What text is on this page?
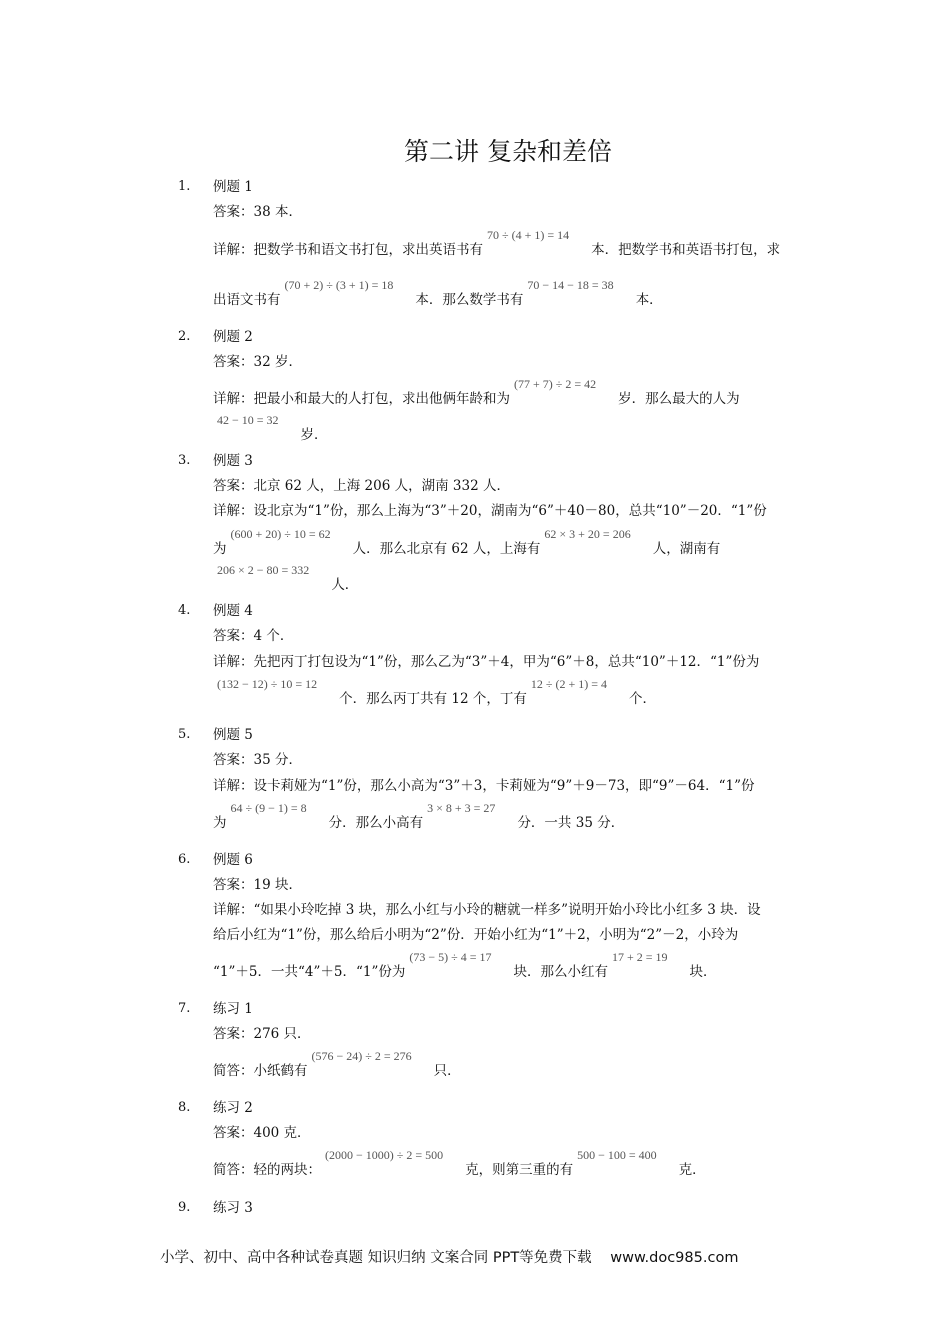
第二讲 复杂和差倍
1. 例题 1
答案：38 本．
详解：把数学书和语文书打包，求出英语书有70 ÷ (4 + 1) = 14本．把数学书和英语书打包，求
出语文书有(70 + 2) ÷ (3 + 1) = 18本．那么数学书有70 − 14 − 18 = 38本．
2. 例题 2
答案：32 岁．
详解：把最小和最大的人打包，求出他俩年龄和为(77 + 7) ÷ 2 = 42岁．那么最大的人为
42 − 10 = 32岁．
3. 例题 3
答案：北京 62 人，上海 206 人，湖南 332 人．
详解：设北京为“1”份，那么上海为“3”＋20，湖南为“6”＋40－80，总共“10”－20．“1”份
为(600 + 20) ÷ 10 = 62人．那么北京有 62 人，上海有62 × 3 + 20 = 206人，湖南有
206 × 2 − 80 = 332人．
4. 例题 4
答案：4 个．
详解：先把丙丁打包设为“1”份，那么乙为“3”＋4，甲为“6”＋8，总共“10”＋12．“1”份为
(132 − 12) ÷ 10 = 12个．那么丙丁共有 12 个，丁有12 ÷ (2 + 1) = 4个．
5. 例题 5
答案：35 分．
详解：设卡莉娅为“1”份，那么小高为“3”＋3，卡莉娅为“9”＋9－73，即“9”－64．“1”份
为64 ÷ (9 − 1) = 8分．那么小高有3 × 8 + 3 = 27分．一共 35 分．
6. 例题 6
答案：19 块．
详解：“如果小玲吃掉 3 块，那么小红与小玲的糖就一样多”说明开始小玲比小红多 3 块．设
给后小红为“1”份，那么给后小明为“2”份．开始小红为“1”＋2，小明为“2”－2，小玲为
“1”＋5．一共“4”＋5．“1”份为(73 − 5) ÷ 4 = 17块．那么小红有17 + 2 = 19块．
7. 练习 1
答案：276 只．
简答：小纸鹤有(576 − 24) ÷ 2 = 276只．
8. 练习 2
答案：400 克．
简答：轻的两块：(2000 − 1000) ÷ 2 = 500克，则第三重的有500 − 100 = 400克．
9. 练习 3
小学、初中、高中各种试卷真题 知识归纳 文案合同 PPT等免费下载 www.doc985.com
